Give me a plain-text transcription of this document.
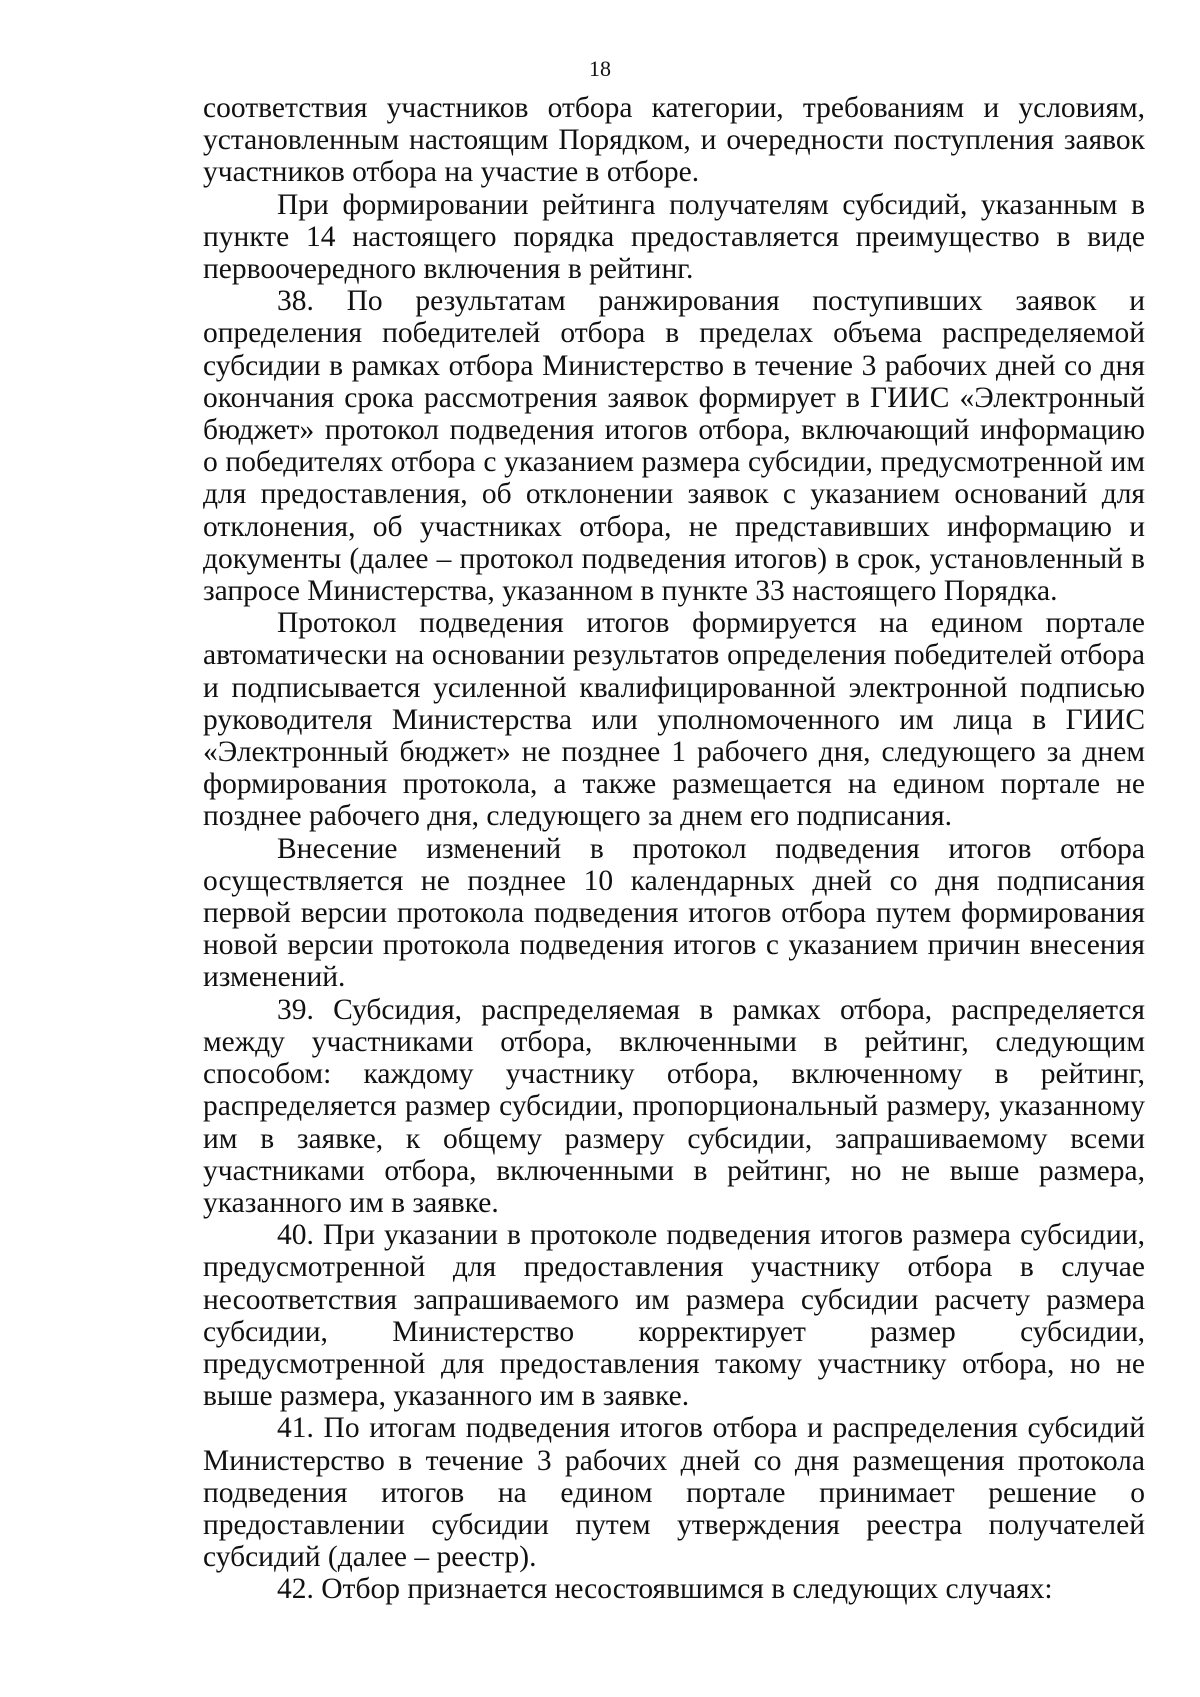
18

соответствия участников отбора категории, требованиям и условиям, установленным настоящим Порядком, и очередности поступления заявок участников отбора на участие в отборе.

При формировании рейтинга получателям субсидий, указанным в пункте 14 настоящего порядка предоставляется преимущество в виде первоочередного включения в рейтинг.

38. По результатам ранжирования поступивших заявок и определения победителей отбора в пределах объема распределяемой субсидии в рамках отбора Министерство в течение 3 рабочих дней со дня окончания срока рассмотрения заявок формирует в ГИИС «Электронный бюджет» протокол подведения итогов отбора, включающий информацию о победителях отбора с указанием размера субсидии, предусмотренной им для предоставления, об отклонении заявок с указанием оснований для отклонения, об участниках отбора, не представивших информацию и документы (далее – протокол подведения итогов) в срок, установленный в запросе Министерства, указанном в пункте 33 настоящего Порядка.

Протокол подведения итогов формируется на едином портале автоматически на основании результатов определения победителей отбора и подписывается усиленной квалифицированной электронной подписью руководителя Министерства или уполномоченного им лица в ГИИС «Электронный бюджет» не позднее 1 рабочего дня, следующего за днем формирования протокола, а также размещается на едином портале не позднее рабочего дня, следующего за днем его подписания.

Внесение изменений в протокол подведения итогов отбора осуществляется не позднее 10 календарных дней со дня подписания первой версии протокола подведения итогов отбора путем формирования новой версии протокола подведения итогов с указанием причин внесения изменений.

39. Субсидия, распределяемая в рамках отбора, распределяется между участниками отбора, включенными в рейтинг, следующим способом: каждому участнику отбора, включенному в рейтинг, распределяется размер субсидии, пропорциональный размеру, указанному им в заявке, к общему размеру субсидии, запрашиваемому всеми участниками отбора, включенными в рейтинг, но не выше размера, указанного им в заявке.

40. При указании в протоколе подведения итогов размера субсидии, предусмотренной для предоставления участнику отбора в случае несоответствия запрашиваемого им размера субсидии расчету размера субсидии, Министерство корректирует размер субсидии, предусмотренной для предоставления такому участнику отбора, но не выше размера, указанного им в заявке.

41. По итогам подведения итогов отбора и распределения субсидий Министерство в течение 3 рабочих дней со дня размещения протокола подведения итогов на едином портале принимает решение о предоставлении субсидии путем утверждения реестра получателей субсидий (далее – реестр).

42. Отбор признается несостоявшимся в следующих случаях:
